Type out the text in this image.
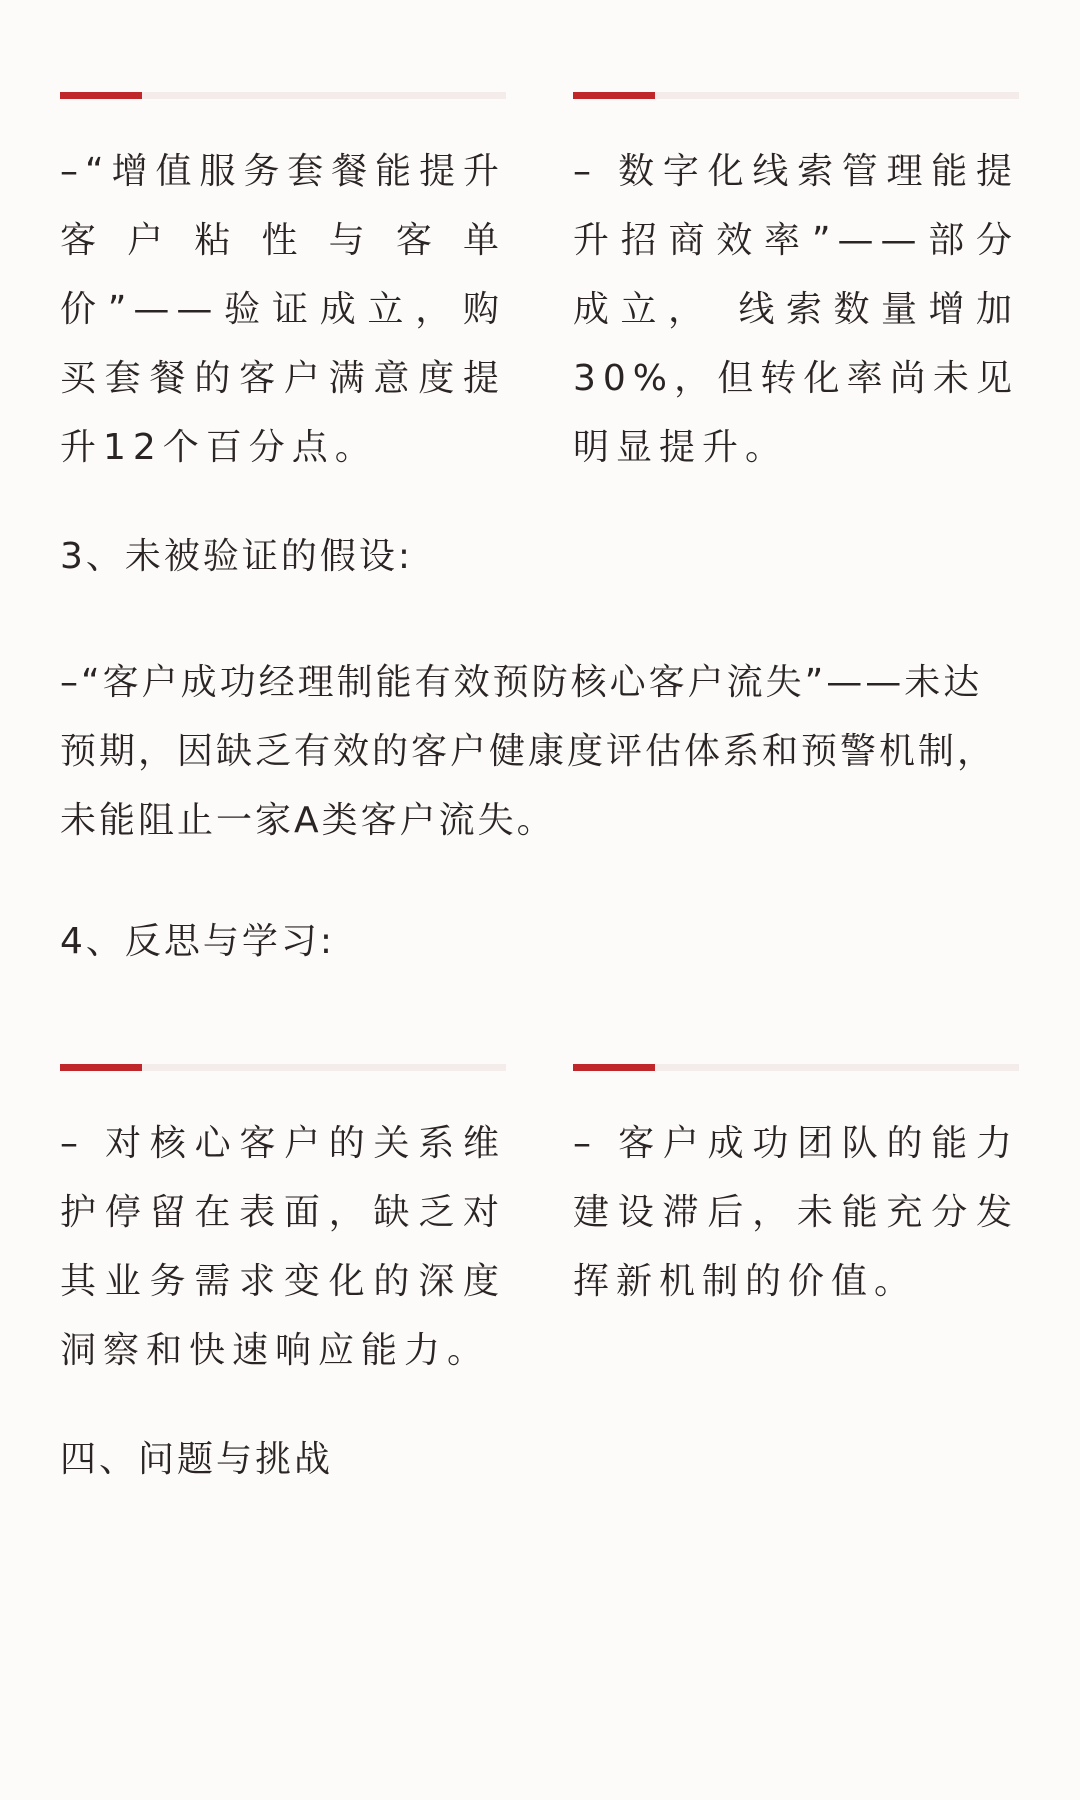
–“增值服务套餐能提升客户粘性与客单价”——验证成立，购买套餐的客户满意度提升12个百分点。
– 数字化线索管理能提升招商效率”——部分成立， 线索数量增加30%，但转化率尚未见明显提升。
3、未被验证的假设:
–“客户成功经理制能有效预防核心客户流失”——未达预期，因缺乏有效的客户健康度评估体系和预警机制，未能阻止一家A类客户流失。
4、反思与学习:
– 对核心客户的关系维护停留在表面，缺乏对其业务需求变化的深度洞察和快速响应能力。
– 客户成功团队的能力建设滞后，未能充分发挥新机制的价值。
四、问题与挑战
